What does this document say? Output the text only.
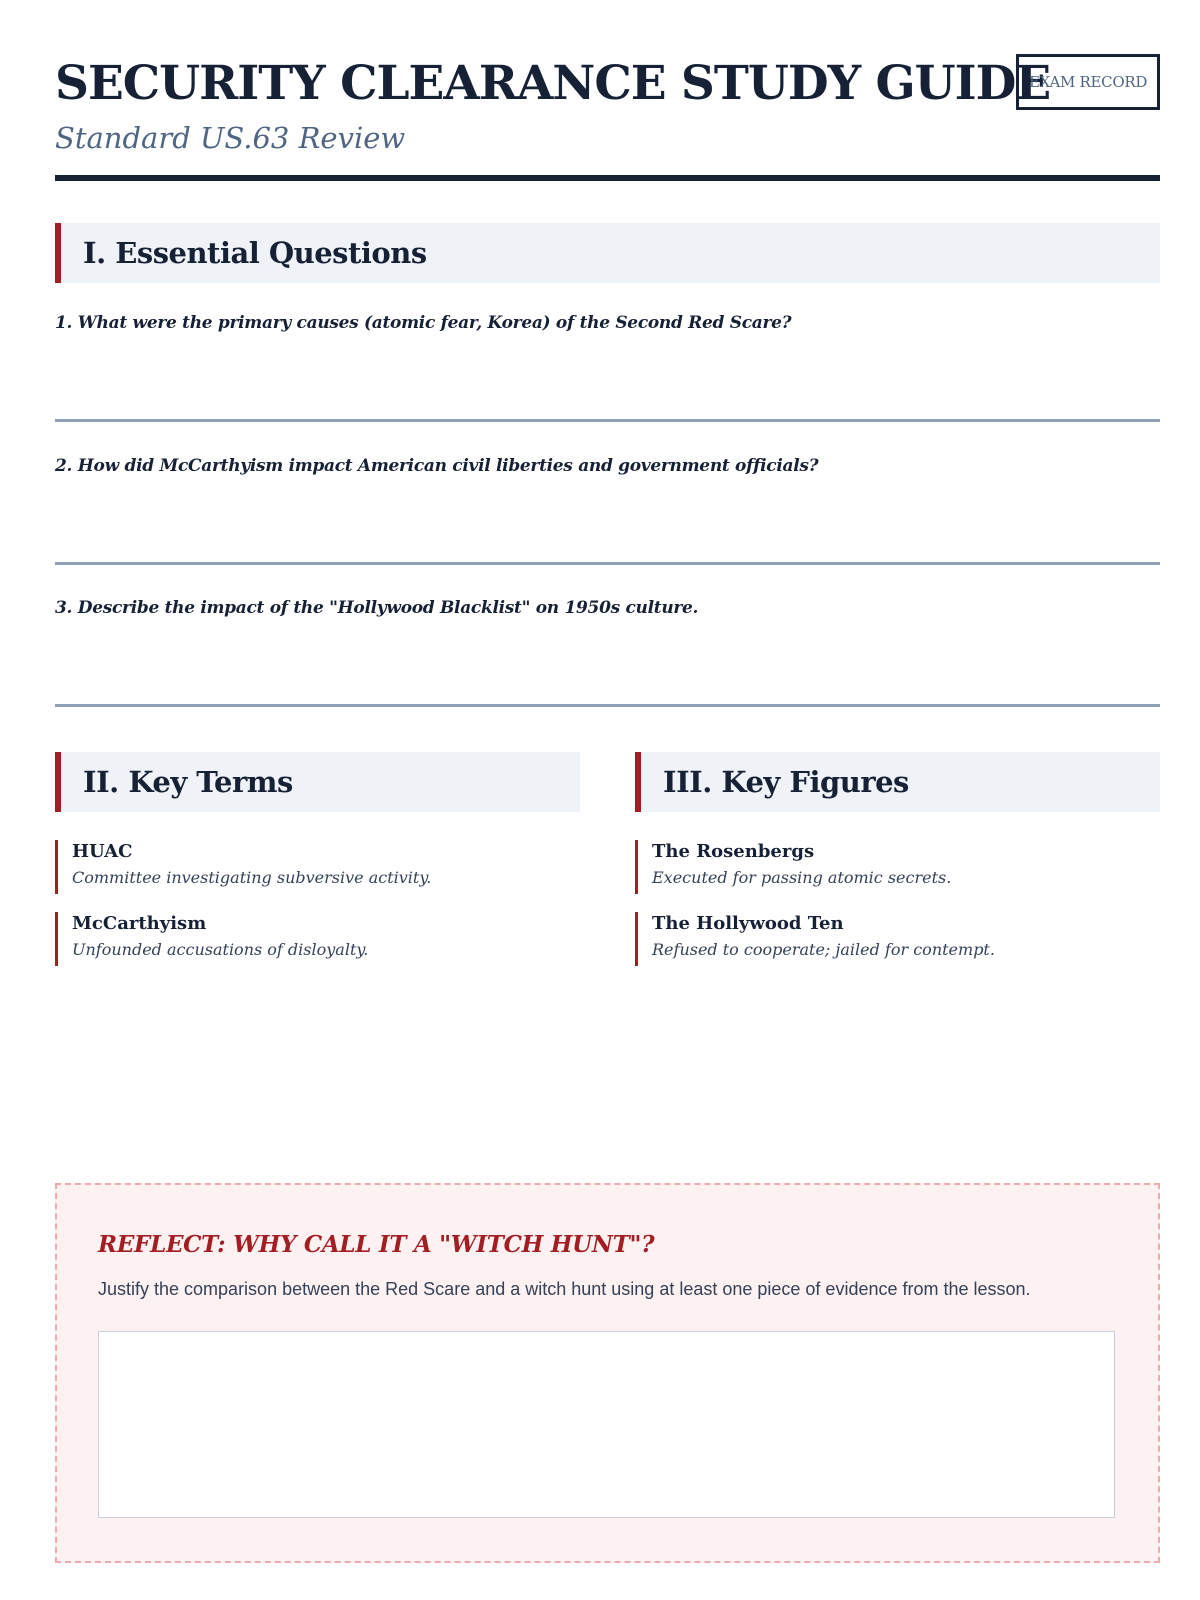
SECURITY CLEARANCE STUDY GUIDE
Standard US.63 Review
EXAM RECORD
I. Essential Questions
1. What were the primary causes (atomic fear, Korea) of the Second Red Scare?
2. How did McCarthyism impact American civil liberties and government officials?
3. Describe the impact of the "Hollywood Blacklist" on 1950s culture.
II. Key Terms
HUAC
Committee investigating subversive activity.
McCarthyism
Unfounded accusations of disloyalty.
III. Key Figures
The Rosenbergs
Executed for passing atomic secrets.
The Hollywood Ten
Refused to cooperate; jailed for contempt.
REFLECT: WHY CALL IT A "WITCH HUNT"?
Justify the comparison between the Red Scare and a witch hunt using at least one piece of evidence from the lesson.
